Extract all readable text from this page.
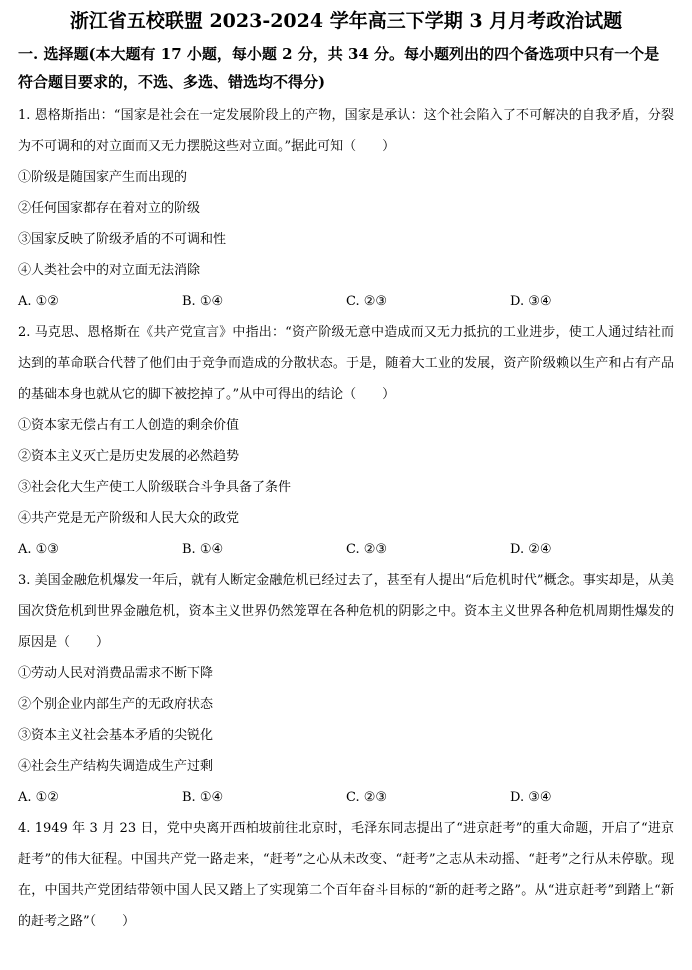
浙江省五校联盟 2023-2024 学年高三下学期 3 月月考政治试题
一. 选择题(本大题有 17 小题，每小题 2 分，共 34 分。每小题列出的四个备选项中只有一个是符合题目要求的，不选、多选、错选均不得分)
1. 恩格斯指出：“国家是社会在一定发展阶段上的产物，国家是承认：这个社会陷入了不可解决的自我矛盾，分裂为不可调和的对立面而又无力摆脱这些对立面。”据此可知（　　）
①阶级是随国家产生而出现的
②任何国家都存在着对立的阶级
③国家反映了阶级矛盾的不可调和性
④人类社会中的对立面无法消除
A. ①②	B. ①④	C. ②③	D. ③④
2. 马克思、恩格斯在《共产党宣言》中指出：“资产阶级无意中造成而又无力抵抗的工业进步，使工人通过结社而达到的革命联合代替了他们由于竞争而造成的分散状态。于是，随着大工业的发展，资产阶级赖以生产和占有产品的基础本身也就从它的脚下被挖掉了。”从中可得出的结论（　　）
①资本家无偿占有工人创造的剩余价值
②资本主义灭亡是历史发展的必然趋势
③社会化大生产使工人阶级联合斗争具备了条件
④共产党是无产阶级和人民大众的政党
A. ①③	B. ①④	C. ②③	D. ②④
3. 美国金融危机爆发一年后，就有人断定金融危机已经过去了，甚至有人提出“后危机时代”概念。事实却是，从美国次贷危机到世界金融危机，资本主义世界仍然笼罩在各种危机的阴影之中。资本主义世界各种危机周期性爆发的原因是（　　）
①劳动人民对消费品需求不断下降
②个别企业内部生产的无政府状态
③资本主义社会基本矛盾的尖锐化
④社会生产结构失调造成生产过剩
A. ①②	B. ①④	C. ②③	D. ③④
4. 1949 年 3 月 23 日，党中央离开西柏坡前往北京时，毛泽东同志提出了“进京赶考”的重大命题，开启了“进京赶考”的伟大征程。中国共产党一路走来，“赶考”之心从未改变、“赶考”之志从未动摇、“赶考”之行从未停歇。现在，中国共产党团结带领中国人民又踏上了实现第二个百年奋斗目标的“新的赶考之路”。从“进京赶考”到踏上“新的赶考之路”（　　）
